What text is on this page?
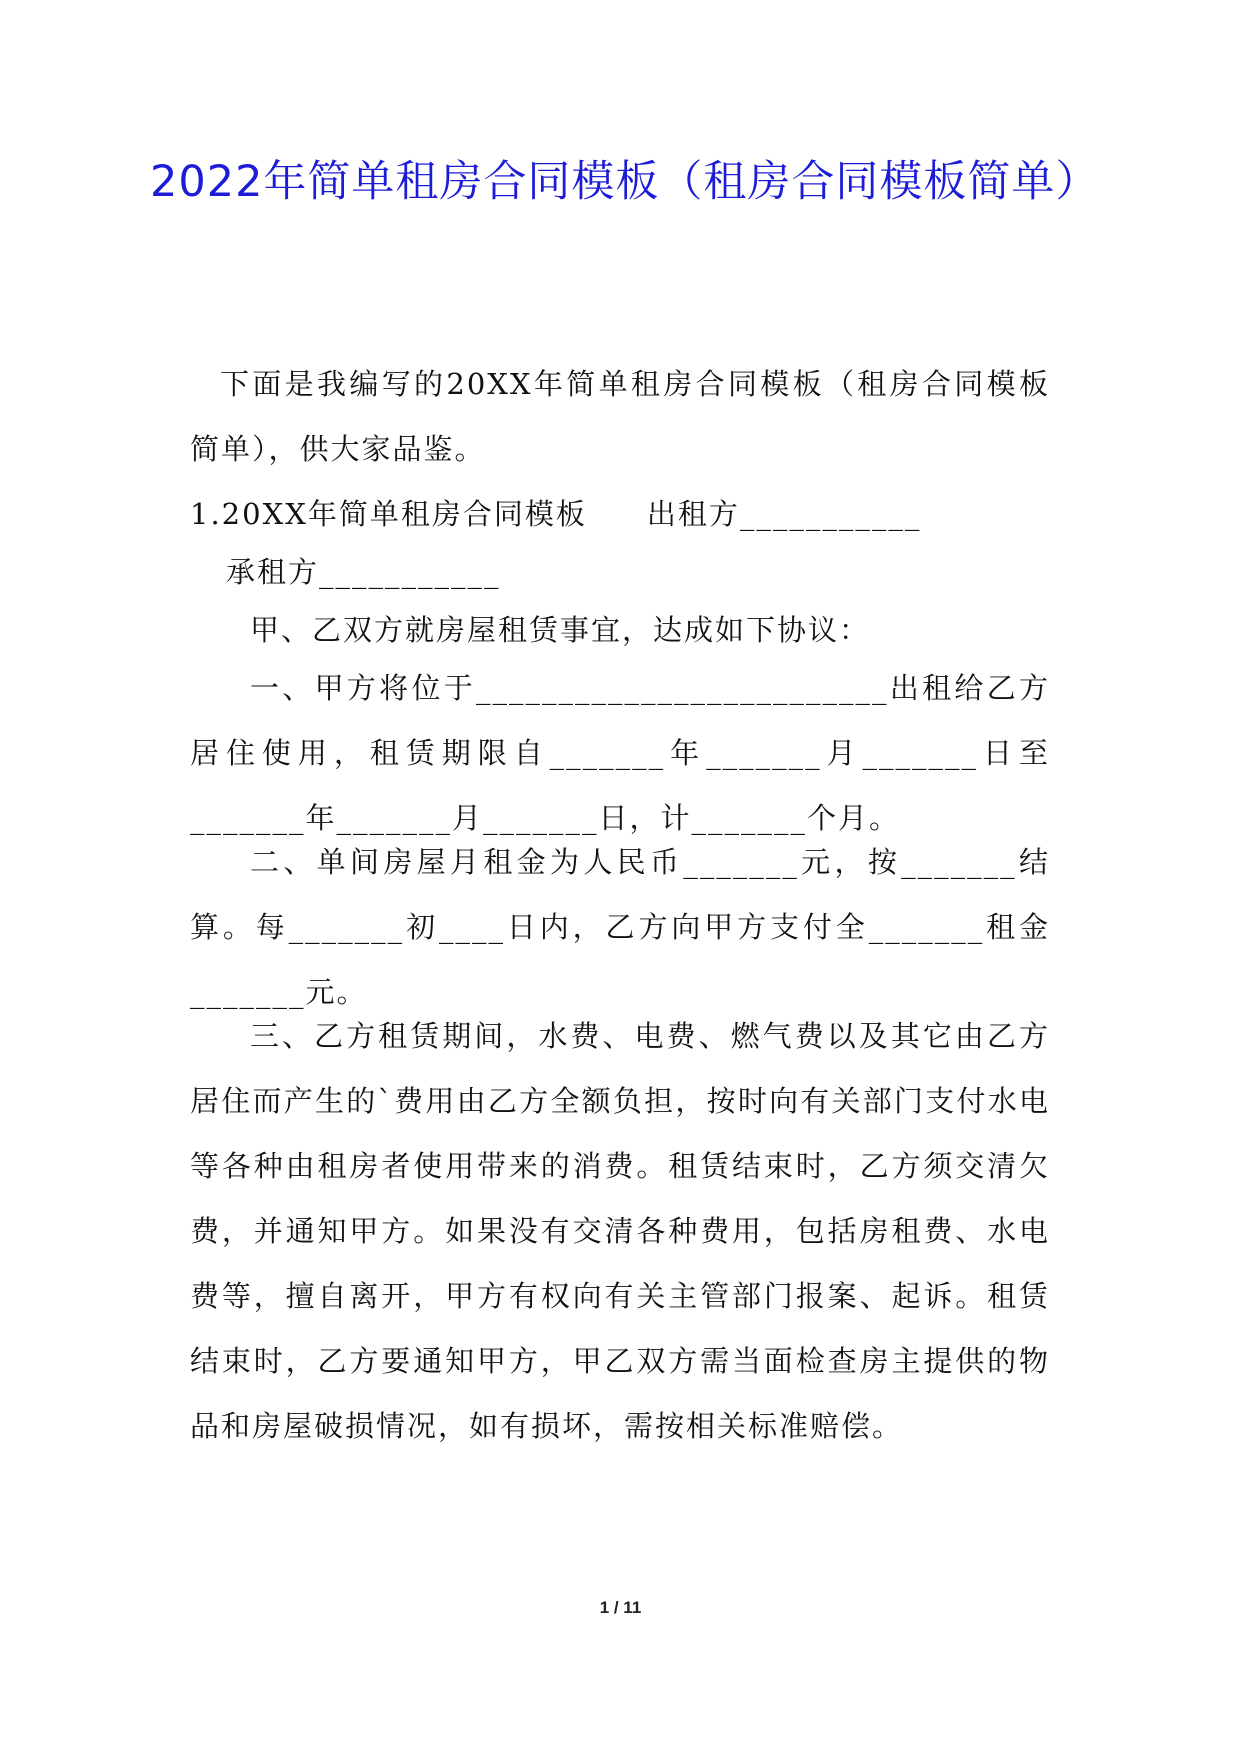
2022年简单租房合同模板（租房合同模板简单）

下面是我编写的20XX年简单租房合同模板（租房合同模板简单），供大家品鉴。

1.20XX年简单租房合同模板 出租方___________

承租方___________

甲、乙双方就房屋租赁事宜，达成如下协议：

一、甲方将位于_________________________出租给乙方居住使用，租赁期限自_______年_______月_______日至_______年_______月_______日，计_______个月。

二、单间房屋月租金为人民币_______元，按_______结算。每_______初____日内，乙方向甲方支付全_______租金_______元。

三、乙方租赁期间，水费、电费、燃气费以及其它由乙方居住而产生的`费用由乙方全额负担，按时向有关部门支付水电等各种由租房者使用带来的消费。租赁结束时，乙方须交清欠费，并通知甲方。如果没有交清各种费用，包括房租费、水电费等，擅自离开，甲方有权向有关主管部门报案、起诉。租赁结束时，乙方要通知甲方，甲乙双方需当面检查房主提供的物品和房屋破损情况，如有损坏，需按相关标准赔偿。

1 / 11
